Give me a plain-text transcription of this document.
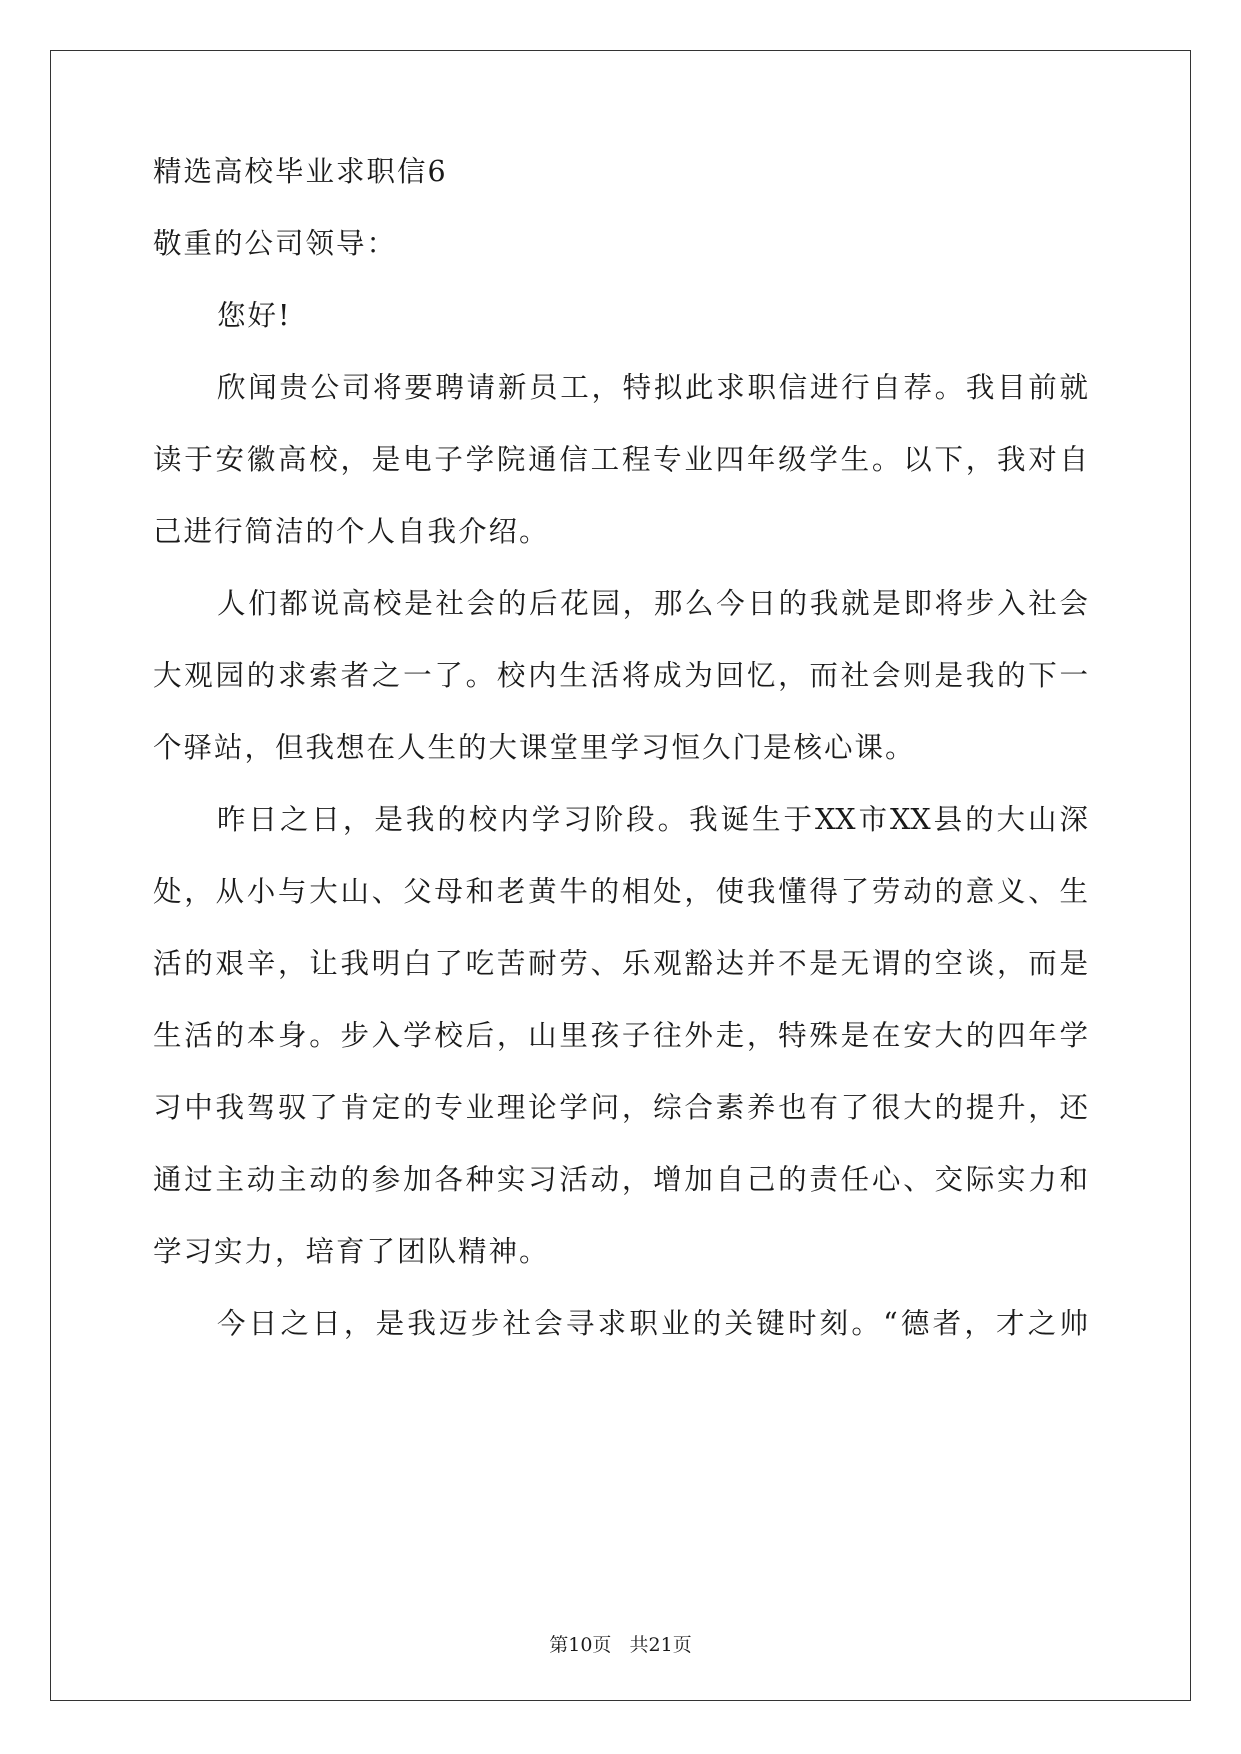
精选高校毕业求职信6
敬重的公司领导：
您好!
欣闻贵公司将要聘请新员工，特拟此求职信进行自荐。我目前就
读于安徽高校，是电子学院通信工程专业四年级学生。以下，我对自
己进行简洁的个人自我介绍。
人们都说高校是社会的后花园，那么今日的我就是即将步入社会
大观园的求索者之一了。校内生活将成为回忆，而社会则是我的下一
个驿站，但我想在人生的大课堂里学习恒久门是核心课。
昨日之日，是我的校内学习阶段。我诞生于XX市XX县的大山深
处，从小与大山、父母和老黄牛的相处，使我懂得了劳动的意义、生
活的艰辛，让我明白了吃苦耐劳、乐观豁达并不是无谓的空谈，而是
生活的本身。步入学校后，山里孩子往外走，特殊是在安大的四年学
习中我驾驭了肯定的专业理论学问，综合素养也有了很大的提升，还
通过主动主动的参加各种实习活动，增加自己的责任心、交际实力和
学习实力，培育了团队精神。
今日之日，是我迈步社会寻求职业的关键时刻。“德者，才之帅
第10页   共21页
